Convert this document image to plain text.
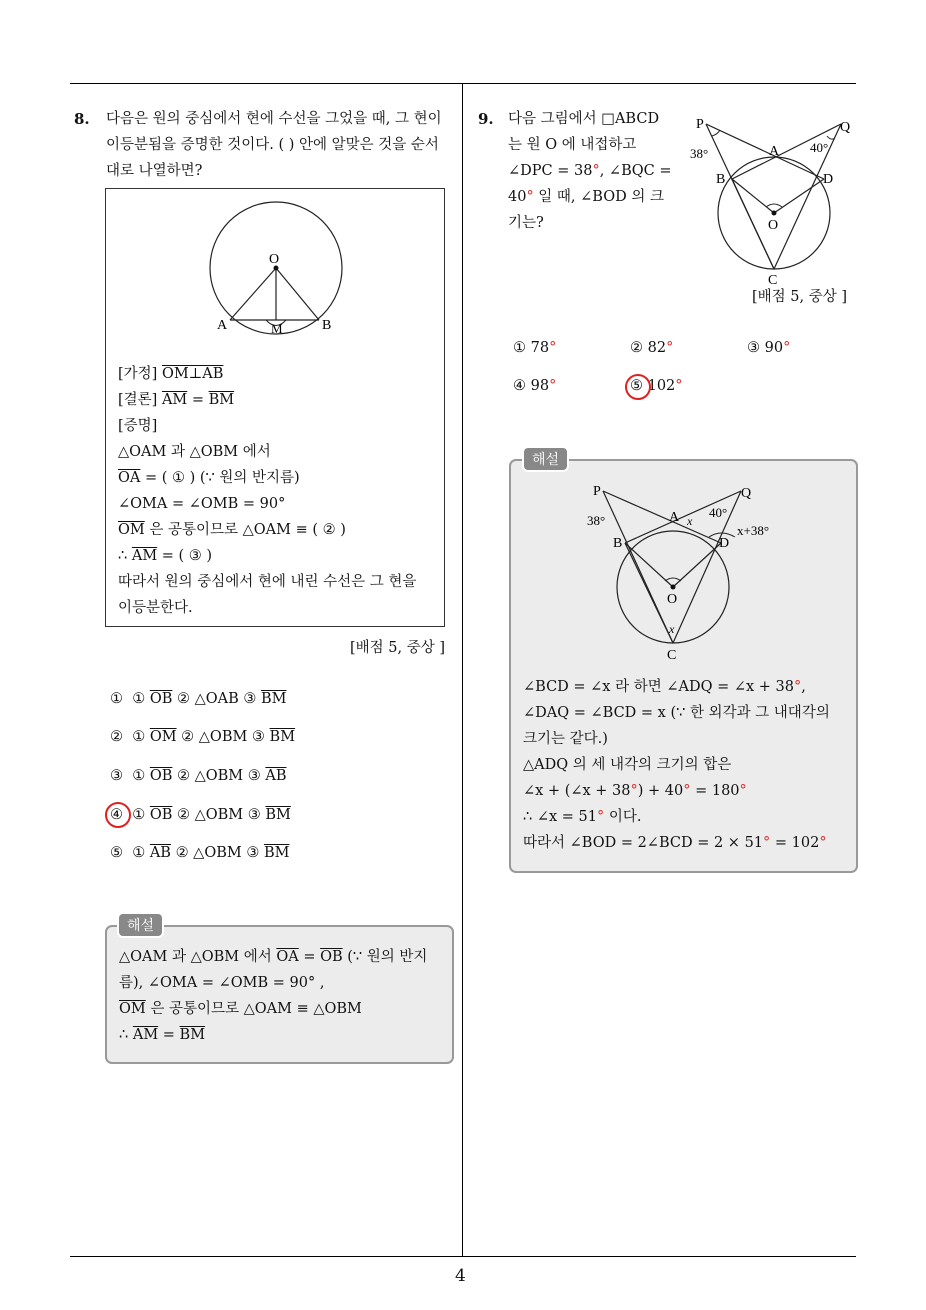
8. 다음은 원의 중심에서 현에 수선을 그었을 때, 그 현이
이등분됨을 증명한 것이다. ( ) 안에 알맞은 것을 순서
대로 나열하면?
O
A	M	B
[가정] OM⊥AB
[결론] $\overline{AM} = \overline{BM}$
[증명]
△OAM 과 △OBM 에서
$\overline{OA}$ = ( ① ) (∵ 원의 반지름)
∠OMA = ∠OMB = 90°
$\overline{OM}$ 은 공통이므로 △OAM ≡ ( ② )
∴ $\overline{AM}$ = ( ③ )
따라서 원의 중심에서 현에 내린 수선은 그 현을
이등분한다.
[배점 5, 중상 ]
① ① $\overline{OB}$ ② △OAB ③ $\overline{BM}$
② ① $\overline{OM}$ ② △OBM ③ $\overline{BM}$
③ ① $\overline{OB}$ ② △OBM ③ $\overline{AB}$
④ ① $\overline{OB}$ ② △OBM ③ $\overline{BM}$
⑤ ① $\overline{AB}$ ② △OBM ③ $\overline{BM}$
△OAM 과 △OBM 에서 $\overline{OA} = \overline{OB}$ (∵ 원의 반지
름), ∠OMA = ∠OMB = 90° ,
$\overline{OM}$ 은 공통이므로 △OAM ≡ △OBM
∴ $\overline{AM} = \overline{BM}$
해설
9. 다음 그림에서 □ABCD
는 원 O 에 내접하고
∠DPC = 38°, ∠BQC =
40° 일 때, ∠BOD 의 크
기는?
P	Q
38°	40°
A
B	D
O
C
[배점 5, 중상 ]
① 78°	② 82°	③ 90°
④ 98°	⑤ 102°
P	Q
A x
40°
x+38°
38°
B	D
O
x
C
∠BCD = ∠x 라 하면 ∠ADQ = ∠x + 38°,
∠DAQ = ∠BCD = x (∵ 한 외각과 그 내대각의
크기는 같다.)
△ADQ 의 세 내각의 크기의 합은
∠x + (∠x + 38°) + 40° = 180°
∴ ∠x = 51° 이다.
따라서 ∠BOD = 2∠BCD = 2 × 51° = 102°
해설
4
